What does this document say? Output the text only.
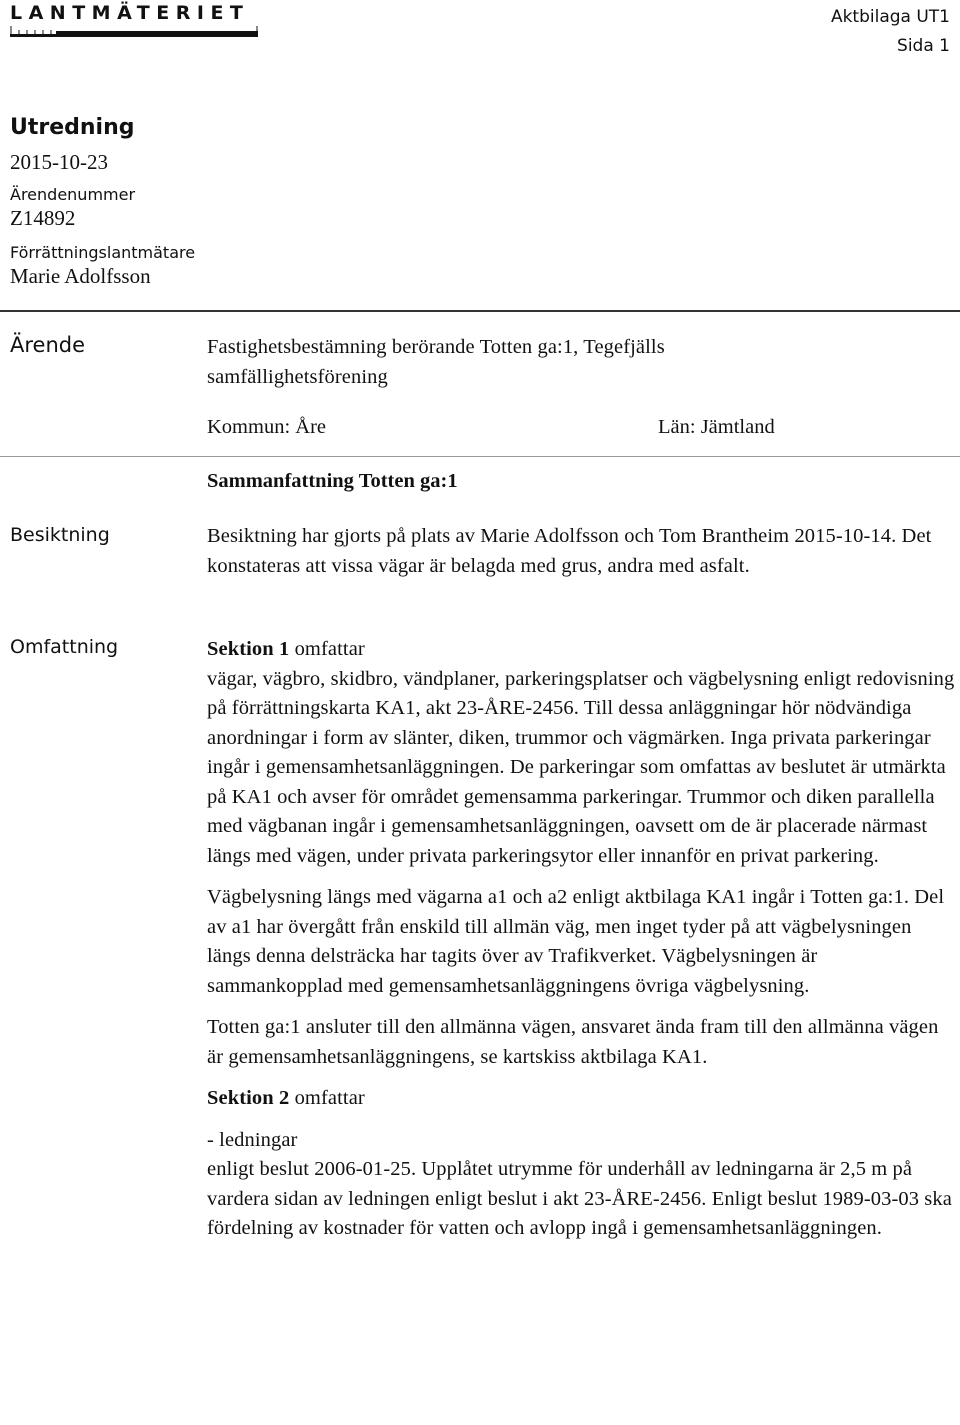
LANTMÄTERIET	Aktbilaga UT1
Sida 1
Utredning
2015-10-23
Ärendenummer
Z14892
Förrättningslantmätare
Marie Adolfsson
Ärende	Fastighetsbestämning berörande Totten ga:1, Tegefjälls samfällighetsförening

Kommun: Åre	Län: Jämtland
Sammanfattning Totten ga:1
Besiktning	Besiktning har gjorts på plats av Marie Adolfsson och Tom Brantheim 2015-10-14. Det konstateras att vissa vägar är belagda med grus, andra med asfalt.

Omfattning	Sektion 1 omfattar

vägar, vägbro, skidbro, vändplaner, parkeringsplatser och vägbelysning enligt redovisning på förrättningskarta KA1, akt 23-ÅRE-2456. Till dessa anläggningar hör nödvändiga anordningar i form av slänter, diken, trummor och vägmärken. Inga privata parkeringar ingår i gemensamhetsanläggningen. De parkeringar som omfattas av beslutet är utmärkta på KA1 och avser för området gemensamma parkeringar. Trummor och diken parallella med vägbanan ingår i gemensamhetsanläggningen, oavsett om de är placerade närmast längs med vägen, under privata parkeringsytor eller innanför en privat parkering.

Vägbelysning längs med vägarna a1 och a2 enligt aktbilaga KA1 ingår i Totten ga:1. Del av a1 har övergått från enskild till allmän väg, men inget tyder på att vägbelysningen längs denna delsträcka har tagits över av Trafikverket. Vägbelysningen är sammankopplad med gemensamhetsanläggningens övriga vägbelysning.

Totten ga:1 ansluter till den allmänna vägen, ansvaret ända fram till den allmänna vägen är gemensamhetsanläggningens, se kartskiss aktbilaga KA1.

Sektion 2 omfattar

- ledningar

enligt beslut 2006-01-25. Upplåtet utrymme för underhåll av ledningarna är 2,5 m på vardera sidan av ledningen enligt beslut i akt 23-ÅRE-2456. Enligt beslut 1989-03-03 ska fördelning av kostnader för vatten och avlopp ingå i gemensamhetsanläggningen.
